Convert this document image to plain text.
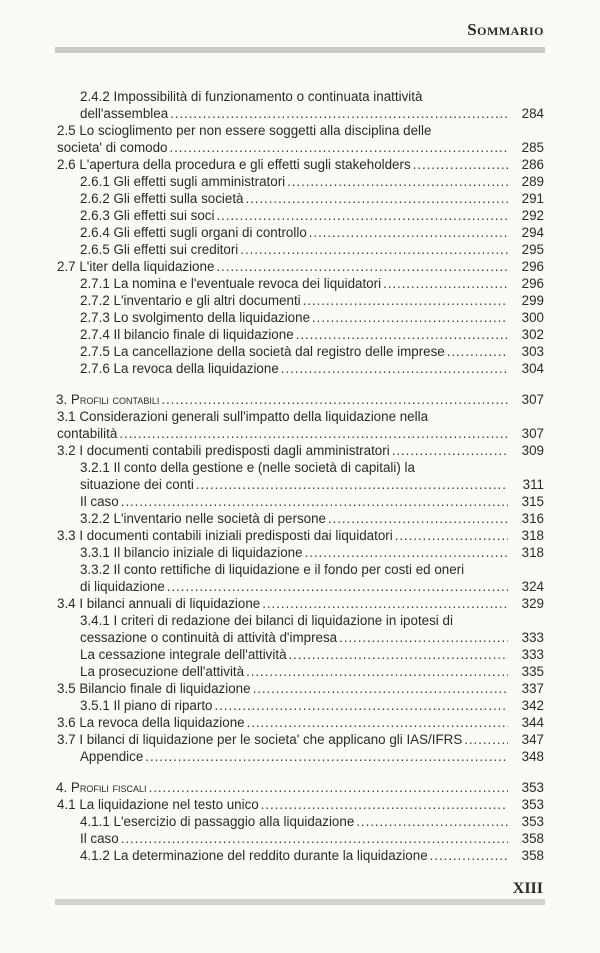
Sommario
2.4.2 Impossibilità di funzionamento o continuata inattività
dell'assemblea . . .	284
2.5 Lo scioglimento per non essere soggetti alla disciplina delle
societa' di comodo . . .	285
2.6 L'apertura della procedura e gli effetti sugli stakeholders . . .	286
2.6.1 Gli effetti sugli amministratori . . .	289
2.6.2 Gli effetti sulla società . . .	291
2.6.3 Gli effetti sui soci . . .	292
2.6.4 Gli effetti sugli organi di controllo . . .	294
2.6.5 Gli effetti sui creditori . . .	295
2.7 L'iter della liquidazione . . .	296
2.7.1 La nomina e l'eventuale revoca dei liquidatori . . .	296
2.7.2 L'inventario e gli altri documenti . . .	299
2.7.3 Lo svolgimento della liquidazione . . .	300
2.7.4 Il bilancio finale di liquidazione . . .	302
2.7.5 La cancellazione della società dal registro delle imprese . . .	303
2.7.6 La revoca della liquidazione . . .	304
3. Profili contabili . . .	307
3.1 Considerazioni generali sull'impatto della liquidazione nella
contabilità . . .	307
3.2 I documenti contabili predisposti dagli amministratori . . .	309
3.2.1 Il conto della gestione e (nelle società di capitali) la
situazione dei conti . . .	311
Il caso . . .	315
3.2.2 L'inventario nelle società di persone . . .	316
3.3 I documenti contabili iniziali predisposti dai liquidatori . . .	318
3.3.1 Il bilancio iniziale di liquidazione . . .	318
3.3.2 Il conto rettifiche di liquidazione e il fondo per costi ed oneri
di liquidazione . . .	324
3.4 I bilanci annuali di liquidazione . . .	329
3.4.1 I criteri di redazione dei bilanci di liquidazione in ipotesi di
cessazione o continuità di attività d'impresa . . .	333
La cessazione integrale dell'attività . . .	333
La prosecuzione dell'attività . . .	335
3.5 Bilancio finale di liquidazione . . .	337
3.5.1 Il piano di riparto . . .	342
3.6 La revoca della liquidazione . . .	344
3.7 I bilanci di liquidazione per le societa' che applicano gli IAS/IFRS . . .	347
Appendice . . .	348
4. Profili fiscali . . .	353
4.1 La liquidazione nel testo unico . . .	353
4.1.1 L'esercizio di passaggio alla liquidazione . . .	353
Il caso . . .	358
4.1.2 La determinazione del reddito durante la liquidazione . . .	358
XIII
